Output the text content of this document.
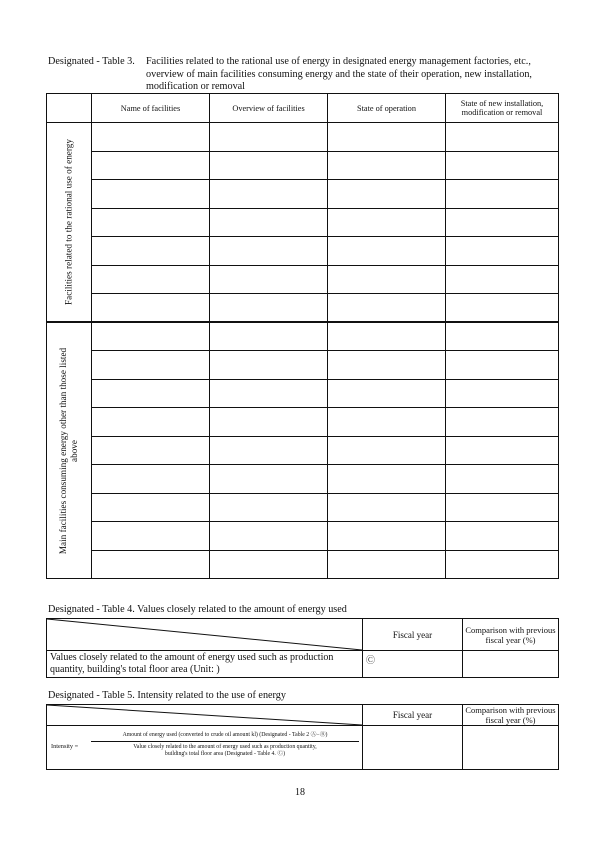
Designated - Table 3. Facilities related to the rational use of energy in designated energy management factories, etc.,
overview of main facilities consuming energy and the state of their operation, new installation,
modification or removal
	Name of facilities	Overview of facilities	State of operation	State of new installation, modification or removal

Facilities related to the rational use of energy				

Main facilities consuming energy other than those listed above				

Designated - Table 4. Values closely related to the amount of energy used
	Fiscal year	Comparison with previous fiscal year (%)
Values closely related to the amount of energy used such as production quantity, building's total floor area (Unit: )	Ⓒ	
Designated - Table 5. Intensity related to the use of energy
	Fiscal year	Comparison with previous fiscal year (%)

Intensity =
Amount of energy used (converted to crude oil amount kl) (Designated - Table 2 Ⓐ−Ⓑ)
Value closely related to the amount of energy used such as production quantity,
building's total floor area (Designated - Table 4. Ⓒ)		

18
